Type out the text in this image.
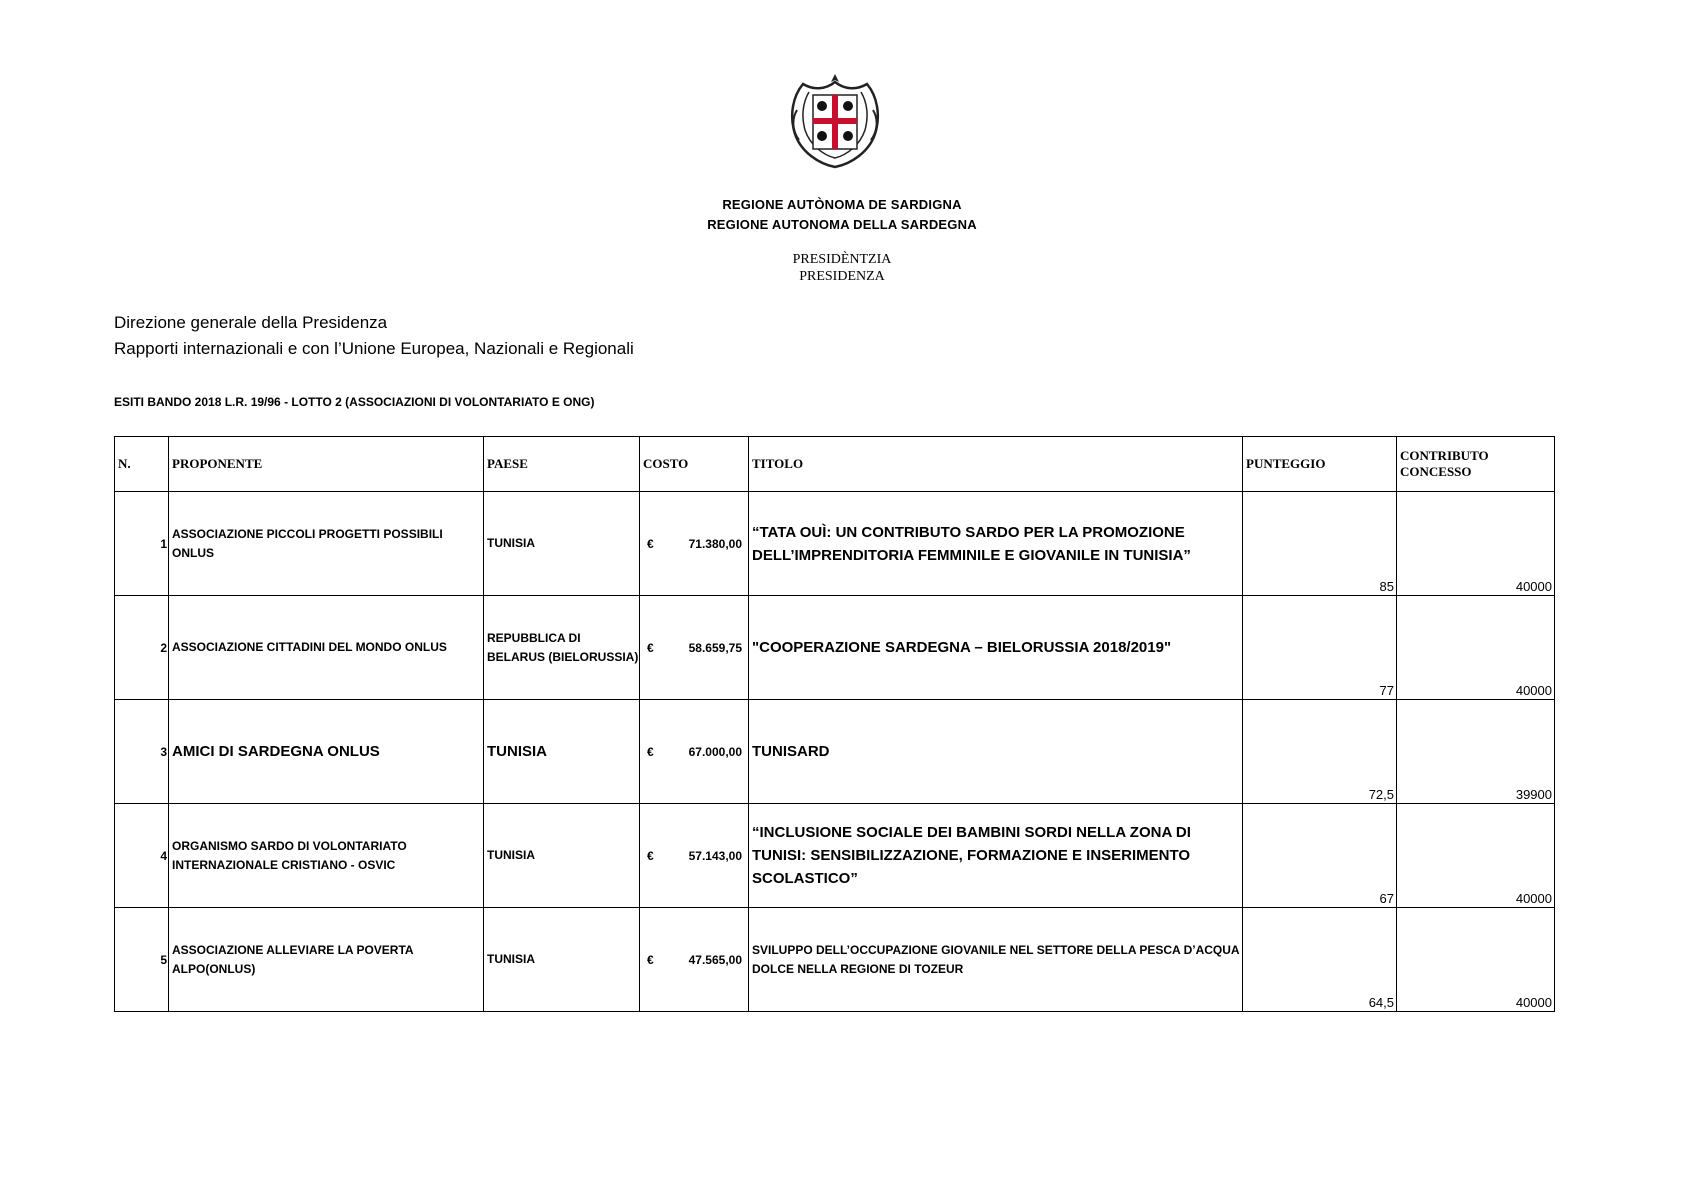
REGIONE AUTÒNOMA DE SARDIGNA
REGIONE AUTONOMA DELLA SARDEGNA
PRESIDÈNTZIA
PRESIDENZA
Direzione generale della Presidenza
Rapporti internazionali e con l’Unione Europea, Nazionali e Regionali
ESITI BANDO 2018 L.R. 19/96 - LOTTO 2 (ASSOCIAZIONI DI VOLONTARIATO E ONG)
N.	PROPONENTE	PAESE	COSTO	TITOLO	PUNTEGGIO	CONTRIBUTO CONCESSO

1	ASSOCIAZIONE PICCOLI PROGETTI POSSIBILI ONLUS	TUNISIA	€ 71.380,00	“TATA OUÌ: UN CONTRIBUTO SARDO PER LA PROMOZIONE DELL’IMPRENDITORIA FEMMINILE E GIOVANILE IN TUNISIA”	85	40000
2	ASSOCIAZIONE CITTADINI DEL MONDO ONLUS	REPUBBLICA DI BELARUS (BIELORUSSIA)	€ 58.659,75	"COOPERAZIONE SARDEGNA – BIELORUSSIA 2018/2019"	77	40000
3	AMICI DI SARDEGNA ONLUS	TUNISIA	€ 67.000,00	TUNISARD	72,5	39900
4	ORGANISMO SARDO DI VOLONTARIATO INTERNAZIONALE CRISTIANO - OSVIC	TUNISIA	€ 57.143,00	“INCLUSIONE SOCIALE DEI BAMBINI SORDI NELLA ZONA DI TUNISI: SENSIBILIZZAZIONE, FORMAZIONE E INSERIMENTO SCOLASTICO”	67	40000
5	ASSOCIAZIONE ALLEVIARE LA POVERTA ALPO(ONLUS)	TUNISIA	€ 47.565,00	SVILUPPO DELL’OCCUPAZIONE GIOVANILE NEL SETTORE DELLA PESCA D’ACQUA DOLCE NELLA REGIONE DI TOZEUR	64,5	40000
